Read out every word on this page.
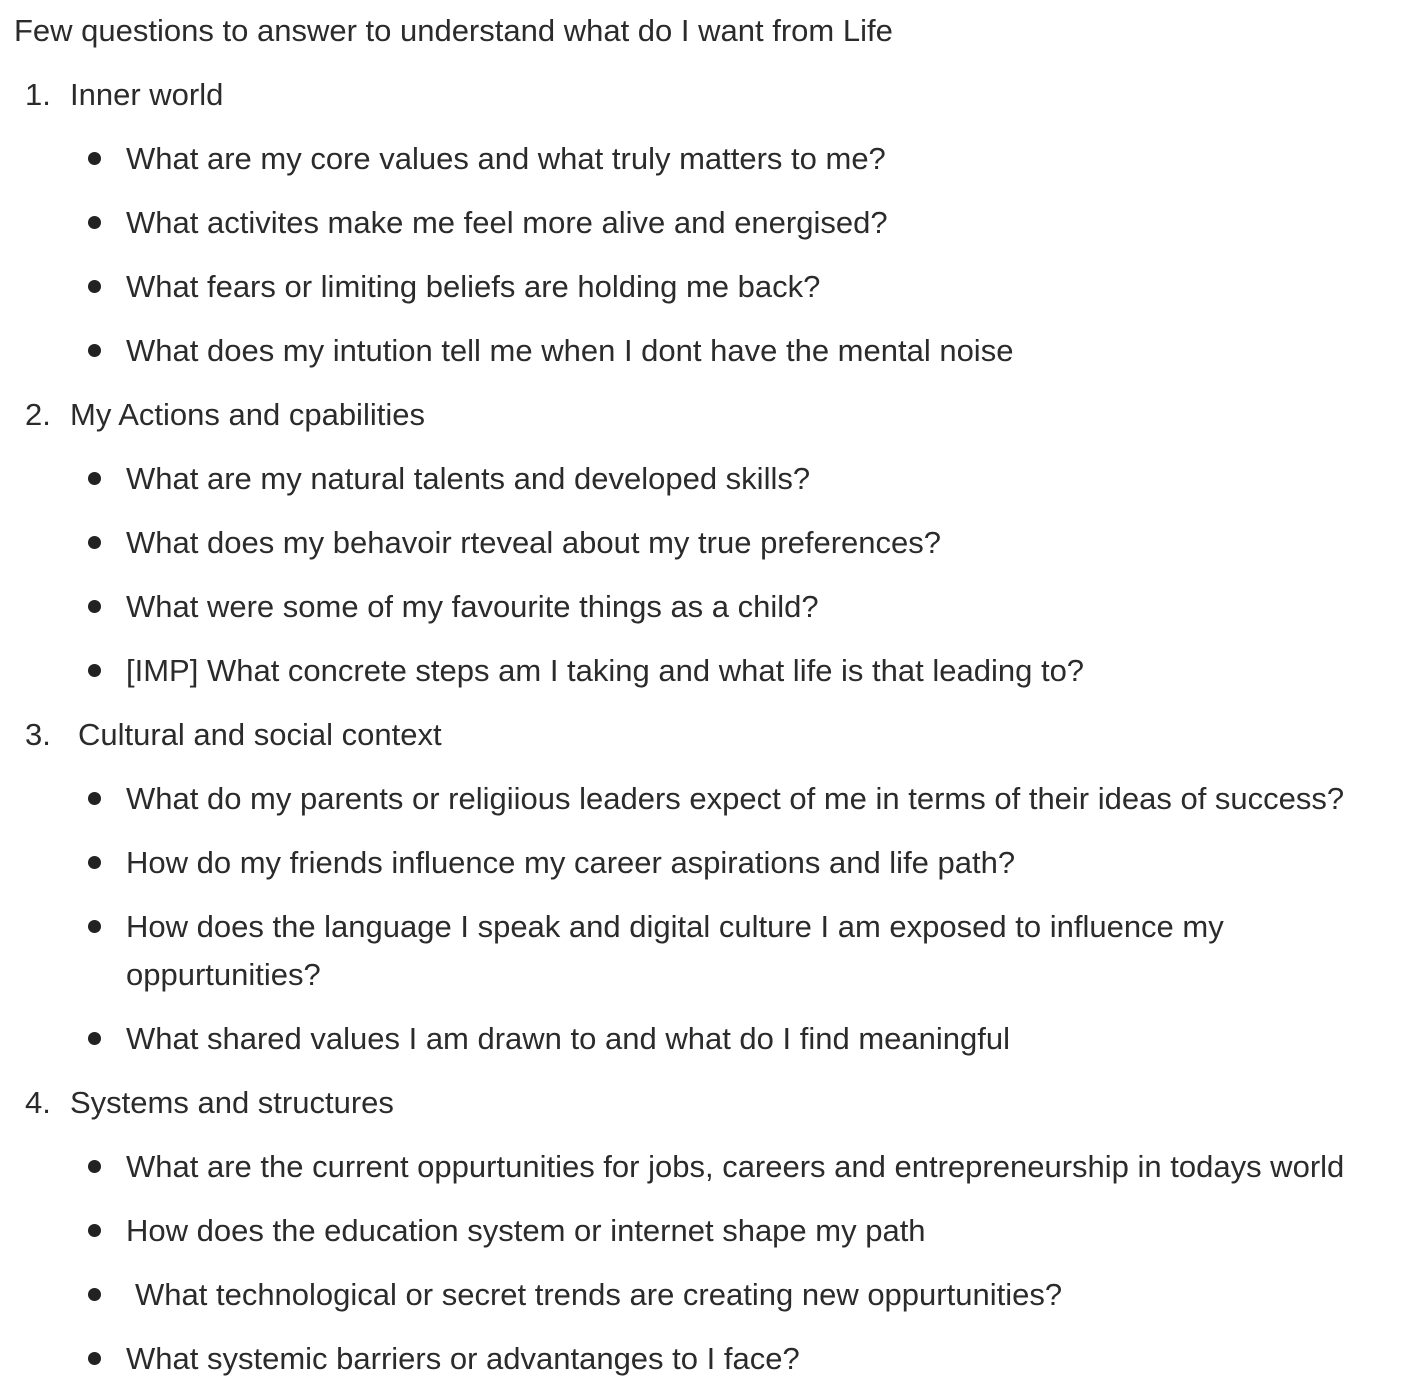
Few questions to answer to understand what do I want from Life
1. Inner world
What are my core values and what truly matters to me?
What activites make me feel more alive and energised?
What fears or limiting beliefs are holding me back?
What does my intution tell me when I dont have the mental noise
2. My Actions and cpabilities
What are my natural talents and developed skills?
What does my behavoir rteveal about my true preferences?
What were some of my favourite things as a child?
[IMP] What concrete steps am I taking and what life is that leading to?
3. Cultural and social context
What do my parents or religiious leaders expect of me in terms of their ideas of success?
How do my friends influence my career aspirations and life path?
How does the language I speak and digital culture I am exposed to influence my oppurtunities?
What shared values I am drawn to and what do I find meaningful
4. Systems and structures
What are the current oppurtunities for jobs, careers and entrepreneurship in todays world
How does the education system or internet shape my path
What technological or secret trends are creating new oppurtunities?
What systemic barriers or advantanges to I face?
